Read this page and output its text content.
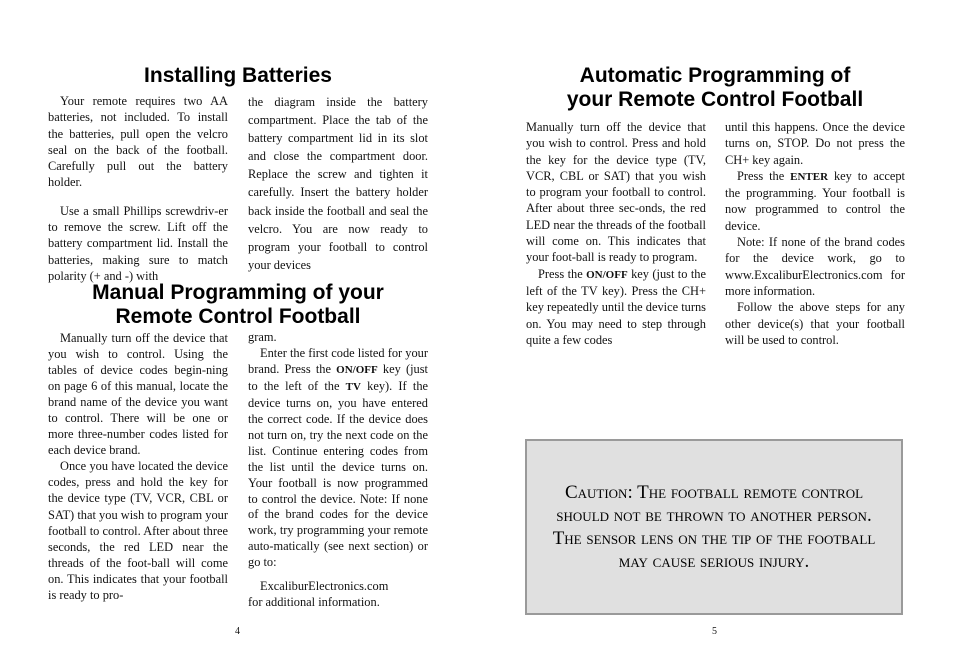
Installing Batteries

Your remote requires two AA batteries, not included. To install the batteries, pull open the velcro seal on the back of the football. Carefully pull out the battery holder.

Use a small Phillips screwdriv-er to remove the screw. Lift off the battery compartment lid. Install the batteries, making sure to match polarity (+ and -) with

the diagram inside the battery compartment. Place the tab of the battery compartment lid in its slot and close the compartment door. Replace the screw and tighten it carefully. Insert the battery holder back inside the football and seal the velcro. You are now ready to program your football to control your devices

Manual Programming of your
Remote Control Football

Manually turn off the device that you wish to control. Using the tables of device codes begin-ning on page 6 of this manual, locate the brand name of the device you want to control. There will be one or more three-number codes listed for each device brand.

Once you have located the device codes, press and hold the key for the device type (TV, VCR, CBL or SAT) that you wish to program your football to control. After about three seconds, the red LED near the threads of the foot-ball will come on. This indicates that your football is ready to pro-

gram.

Enter the first code listed for your brand. Press the ON/OFF key (just to the left of the TV key). If the device turns on, you have entered the correct code. If the device does not turn on, try the next code on the list. Continue entering codes from the list until the device turns on. Your football is now programmed to control the device. Note: If none of the brand codes for the device work, try programming your remote auto-matically (see next section) or go to:

ExcaliburElectronics.com

for additional information.

4
Automatic Programming of
your Remote Control Football

Manually turn off the device that you wish to control. Press and hold the key for the device type (TV, VCR, CBL or SAT) that you wish to program your football to control. After about three sec-onds, the red LED near the threads of the football will come on. This indicates that your foot-ball is ready to program.

Press the ON/OFF key (just to the left of the TV key). Press the CH+ key repeatedly until the device turns on. You may need to step through quite a few codes

until this happens. Once the device turns on, STOP. Do not press the CH+ key again.

Press the ENTER key to accept the programming. Your football is now programmed to control the device.

Note: If none of the brand codes for the device work, go to www.ExcaliburElectronics.com for more information.

Follow the above steps for any other device(s) that your football will be used to control.

Caution: The football remote control
should not be thrown to another person.
The sensor lens on the tip of the football
may cause serious injury.
5
